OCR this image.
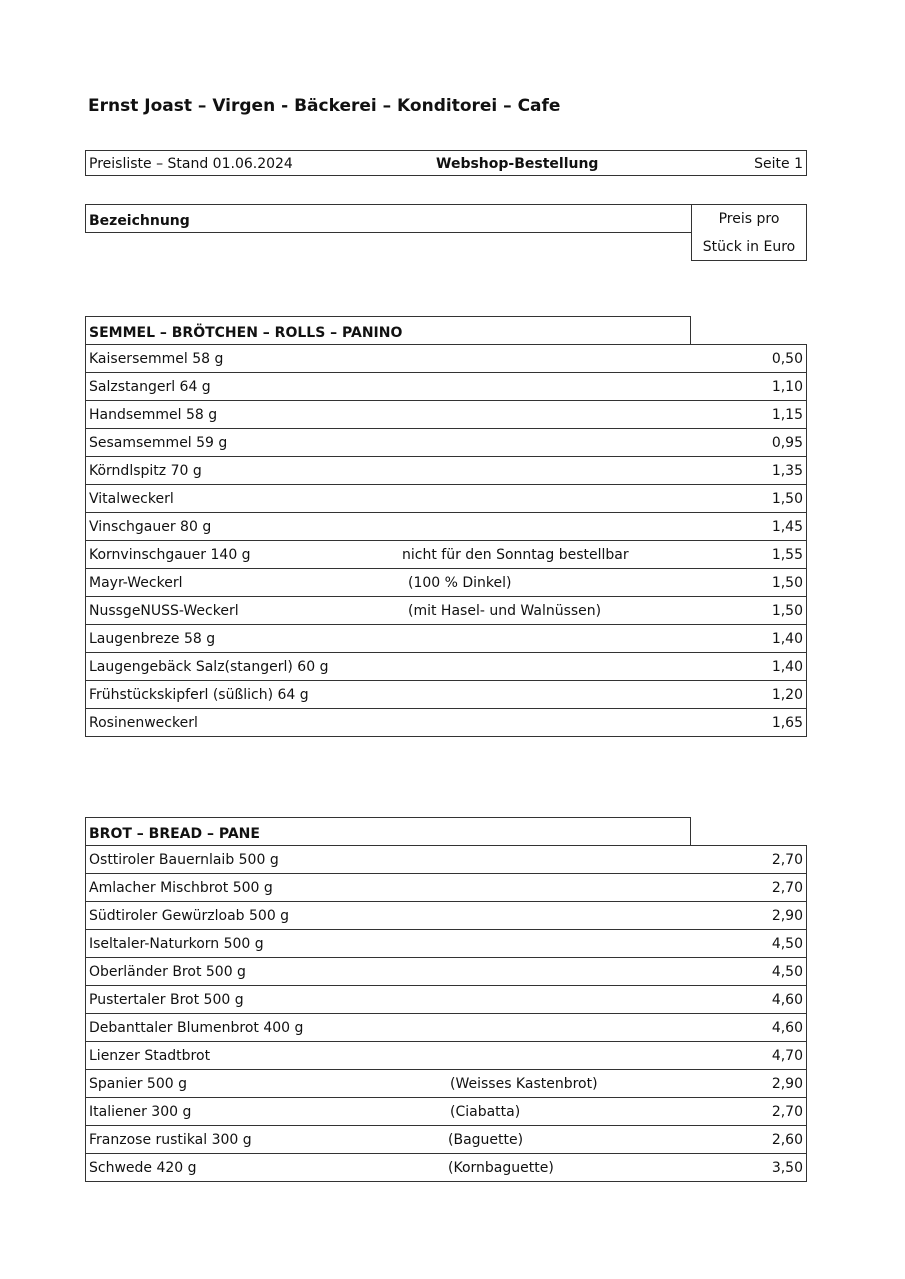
Ernst Joast – Virgen - Bäckerei – Konditorei – Cafe
Preisliste – Stand 01.06.2024	Webshop-Bestellung	Seite 1
Bezeichnung	Preis pro
Stück in Euro
SEMMEL – BRÖTCHEN – ROLLS – PANINO
Kaisersemmel 58 g	0,50
Salzstangerl 64 g	1,10
Handsemmel 58 g	1,15
Sesamsemmel 59 g	0,95
Körndlspitz 70 g	1,35
Vitalweckerl	1,50
Vinschgauer 80 g	1,45
Kornvinschgauer 140 g	nicht für den Sonntag bestellbar	1,55
Mayr-Weckerl	(100 % Dinkel)	1,50
NussgeNUSS-Weckerl	(mit Hasel- und Walnüssen)	1,50
Laugenbreze 58 g	1,40
Laugengebäck Salz(stangerl) 60 g	1,40
Frühstückskipferl (süßlich) 64 g	1,20
Rosinenweckerl	1,65
BROT – BREAD – PANE
Osttiroler Bauernlaib 500 g	2,70
Amlacher Mischbrot 500 g	2,70
Südtiroler Gewürzloab 500 g	2,90
Iseltaler-Naturkorn 500 g	4,50
Oberländer Brot 500 g	4,50
Pustertaler Brot 500 g	4,60
Debanttaler Blumenbrot 400 g	4,60
Lienzer Stadtbrot	4,70
Spanier 500 g	(Weisses Kastenbrot)	2,90
Italiener 300 g	(Ciabatta)	2,70
Franzose rustikal 300 g	(Baguette)	2,60
Schwede 420 g	(Kornbaguette)	3,50
